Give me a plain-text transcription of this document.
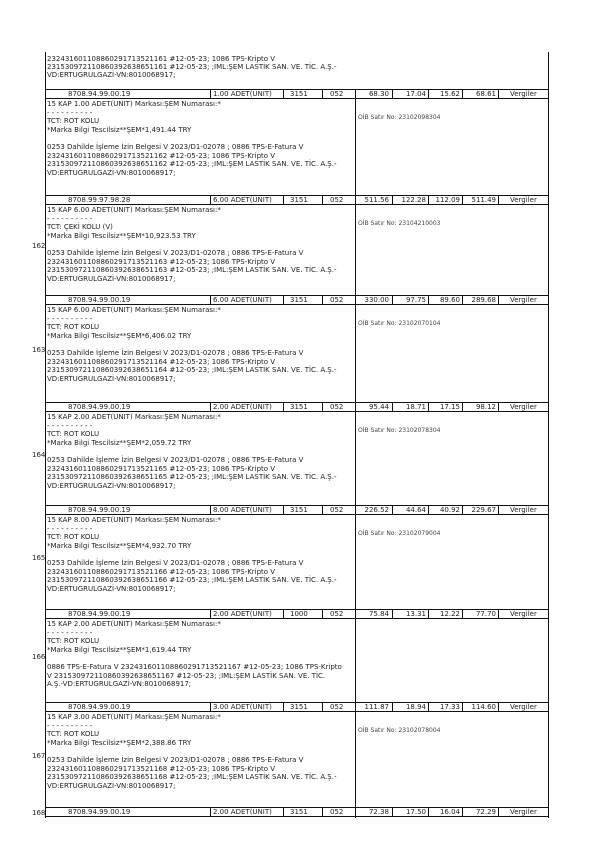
232431601108860291713521161 #12-05-23; 1086 TPS-Kripto V
231530972110860392638651161 #12-05-23; ;IML:ŞEM LASTİK SAN. VE. TİC. A.Ş.-
VD:ERTUGRULGAZİ-VN:8010068917;
8708.94.99.00.19	1.00 ADET(UNIT)	3151	052	68.30	17.04	15.62	68.61 Vergiler
15 KAP 1.00 ADET(UNIT) Markası:ŞEM Numarası:*
- - - - - - - - - -
TCT: ROT KOLU
*Marka Bilgi Tescilsiz**ŞEM*1,491.44 TRY
0253 Dahilde İşleme İzin Belgesi V 2023/D1-02078 ; 0886 TPS-E-Fatura V
232431601108860291713521162 #12-05-23; 1086 TPS-Kripto V
231530972110860392638651162 #12-05-23; ;IML:ŞEM LASTİK SAN. VE. TİC. A.Ş.-
VD:ERTUGRULGAZİ-VN:8010068917;
OİB Satır No: 23102098304
8708.99.97.98.28	6.00 ADET(UNIT)	3151	052	511.56	122.28	112.09	511.49 Vergiler
15 KAP 6.00 ADET(UNIT) Markası:ŞEM Numarası:*
- - - - - - - - - -
TCT: ÇEKİ KOLU (V)
*Marka Bilgi Tescilsiz**ŞEM*10,923.53 TRY
0253 Dahilde İşleme İzin Belgesi V 2023/D1-02078 ; 0886 TPS-E-Fatura V
232431601108860291713521163 #12-05-23; 1086 TPS-Kripto V
231530972110860392638651163 #12-05-23; ;IML:ŞEM LASTİK SAN. VE. TİC. A.Ş.-
VD:ERTUGRULGAZİ-VN:8010068917;
OİB Satır No: 23104210003
162
8708.94.99.00.19	6.00 ADET(UNIT)	3151	052	330.00	97.75	89.60	289.68 Vergiler
15 KAP 6.00 ADET(UNIT) Markası:ŞEM Numarası:*
- - - - - - - - - -
TCT: ROT KOLU
*Marka Bilgi Tescilsiz**ŞEM*6,406.02 TRY
0253 Dahilde İşleme İzin Belgesi V 2023/D1-02078 ; 0886 TPS-E-Fatura V
232431601108860291713521164 #12-05-23; 1086 TPS-Kripto V
231530972110860392638651164 #12-05-23; ;IML:ŞEM LASTİK SAN. VE. TİC. A.Ş.-
VD:ERTUGRULGAZİ-VN:8010068917;
OİB Satır No: 23102070104
163
8708.94.99.00.19	2.00 ADET(UNIT)	3151	052	95.44	18.71	17.15	98.12 Vergiler
15 KAP 2.00 ADET(UNIT) Markası:ŞEM Numarası:*
- - - - - - - - - -
TCT: ROT KOLU
*Marka Bilgi Tescilsiz**ŞEM*2,059.72 TRY
0253 Dahilde İşleme İzin Belgesi V 2023/D1-02078 ; 0886 TPS-E-Fatura V
232431601108860291713521165 #12-05-23; 1086 TPS-Kripto V
231530972110860392638651165 #12-05-23; ;IML:ŞEM LASTİK SAN. VE. TİC. A.Ş.-
VD:ERTUGRULGAZİ-VN:8010068917;
OİB Satır No: 23102078304
164
8708.94.99.00.19	8.00 ADET(UNIT)	3151	052	226.52	44.64	40.92	229.67 Vergiler
15 KAP 8.00 ADET(UNIT) Markası:ŞEM Numarası:*
- - - - - - - - - -
TCT: ROT KOLU
*Marka Bilgi Tescilsiz**ŞEM*4,932.70 TRY
0253 Dahilde İşleme İzin Belgesi V 2023/D1-02078 ; 0886 TPS-E-Fatura V
232431601108860291713521166 #12-05-23; 1086 TPS-Kripto V
231530972110860392638651166 #12-05-23; ;IML:ŞEM LASTİK SAN. VE. TİC. A.Ş.-
VD:ERTUGRULGAZİ-VN:8010068917;
OİB Satır No: 23102079004
165
8708.94.99.00.19	2.00 ADET(UNIT)	1000	052	75.84	13.31	12.22	77.70 Vergiler
15 KAP 2.00 ADET(UNIT) Markası:ŞEM Numarası:*
- - - - - - - - - -
TCT: ROT KOLU
*Marka Bilgi Tescilsiz**ŞEM*1,619.44 TRY
0886 TPS-E-Fatura V 232431601108860291713521167 #12-05-23; 1086 TPS-Kripto
V 231530972110860392638651167 #12-05-23; ;IML:ŞEM LASTİK SAN. VE. TİC.
A.Ş.-VD:ERTUGRULGAZİ-VN:8010068917;
166
8708.94.99.00.19	3.00 ADET(UNIT)	3151	052	111.87	18.94	17.33	114.60 Vergiler
15 KAP 3.00 ADET(UNIT) Markası:ŞEM Numarası:*
- - - - - - - - - -
TCT: ROT KOLU
*Marka Bilgi Tescilsiz**ŞEM*2,388.86 TRY
0253 Dahilde İşleme İzin Belgesi V 2023/D1-02078 ; 0886 TPS-E-Fatura V
232431601108860291713521168 #12-05-23; 1086 TPS-Kripto V
231530972110860392638651168 #12-05-23; ;IML:ŞEM LASTİK SAN. VE. TİC. A.Ş.-
VD:ERTUGRULGAZİ-VN:8010068917;
OİB Satır No: 23102078004
167
8708.94.99.00.19	2.00 ADET(UNIT)	3151	052	72.38	17.50	16.04	72.29 Vergiler
168
